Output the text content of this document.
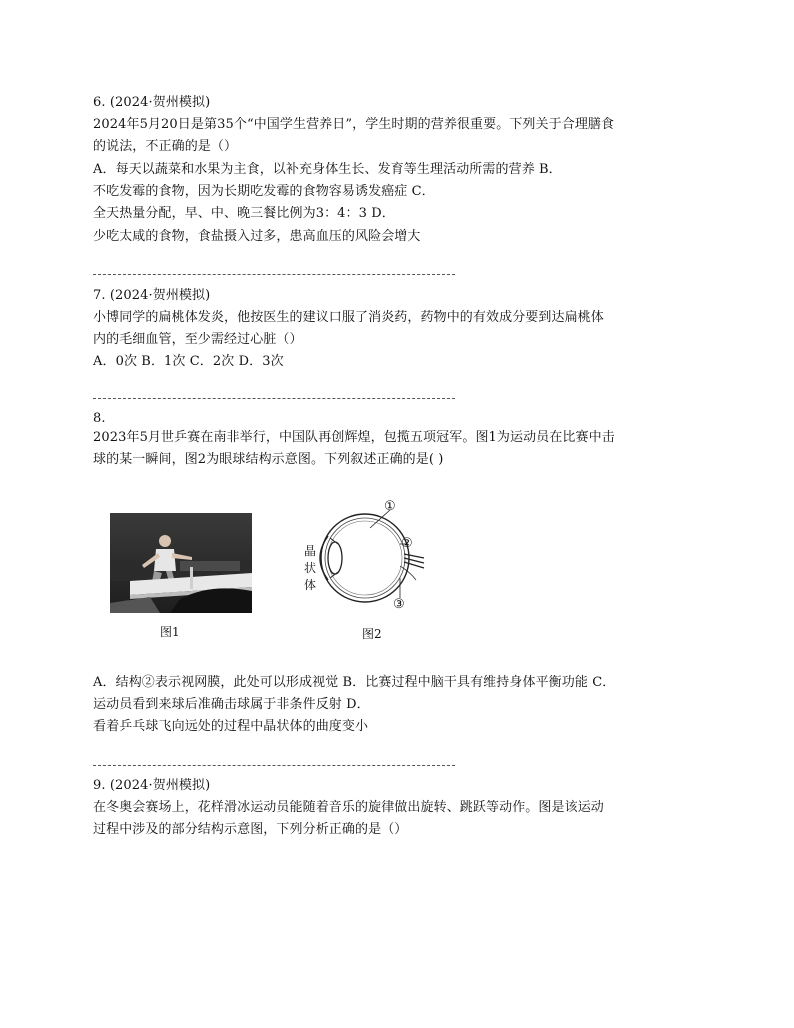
6. (2024·贺州模拟)
2024年5月20日是第35个“中国学生营养日”，学生时期的营养很重要。下列关于合理膳食
的说法，不正确的是（）
A．每天以蔬菜和水果为主食，以补充身体生长、发育等生理活动所需的营养 B．
不吃发霉的食物，因为长期吃发霉的食物容易诱发癌症 C．
全天热量分配，早、中、晚三餐比例为3：4：3 D．
少吃太咸的食物，食盐摄入过多，患高血压的风险会增大
7. (2024·贺州模拟)
小博同学的扁桃体发炎，他按医生的建议口服了消炎药，药物中的有效成分要到达扁桃体
内的毛细血管，至少需经过心脏（）
A．0次 B．1次 C．2次 D．3次
8.
2023年5月世乒赛在南非举行，中国队再创辉煌，包揽五项冠军。图1为运动员在比赛中击
球的某一瞬间，图2为眼球结构示意图。下列叙述正确的是( )
图1
晶状体
①
②
③
图2
A．结构②表示视网膜，此处可以形成视觉 B．比赛过程中脑干具有维持身体平衡功能 C．
运动员看到来球后准确击球属于非条件反射 D．
看着乒乓球飞向远处的过程中晶状体的曲度变小
9. (2024·贺州模拟)
在冬奥会赛场上，花样滑冰运动员能随着音乐的旋律做出旋转、跳跃等动作。图是该运动
过程中涉及的部分结构示意图，下列分析正确的是（）
